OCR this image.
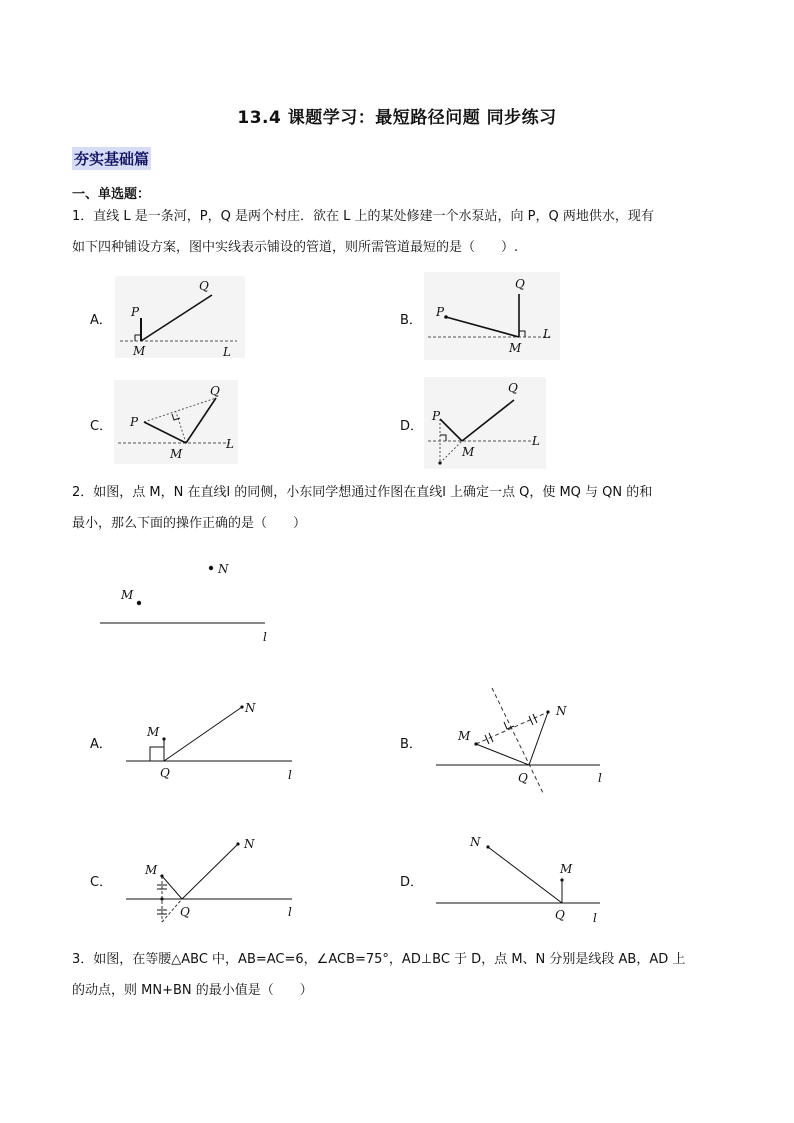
13.4 课题学习：最短路径问题 同步练习
夯实基础篇
一、单选题：
1．直线 L 是一条河，P，Q 是两个村庄．欲在 L 上的某处修建一个水泵站，向 P，Q 两地供水，现有
如下四种铺设方案，图中实线表示铺设的管道，则所需管道最短的是（　　）.
A．	B．
C．	D．
P
Q
M	L
P
Q
M
L
P
Q
M
L
P
Q
M
L
2．如图，点 M，N 在直线l 的同侧，小东同学想通过作图在直线l 上确定一点 Q，使 MQ 与 QN 的和
最小，那么下面的操作正确的是（　　）
N
M
l
A．	B．
C．	D．
M
N
Q	l
M
N
Q	l
M
N
Q	l
M
N
Q l
3．如图，在等腰△ABC 中，AB=AC=6，∠ACB=75°，AD⊥BC 于 D，点 M、N 分别是线段 AB，AD 上
的动点，则 MN+BN 的最小值是（　　）
